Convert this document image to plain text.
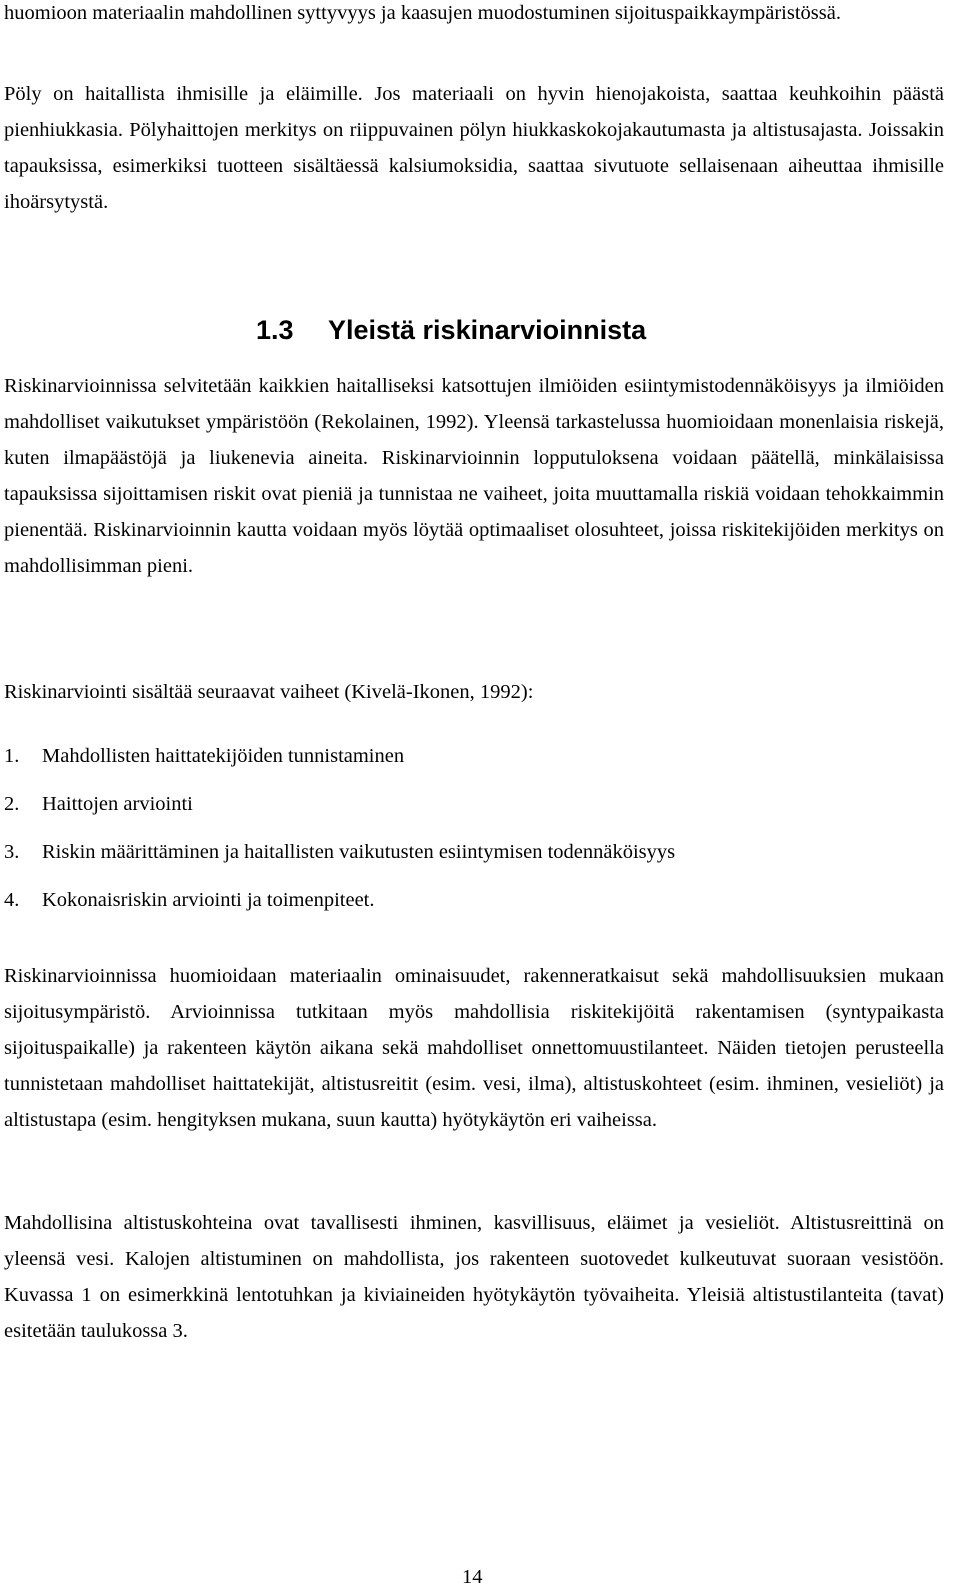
huomioon materiaalin mahdollinen syttyvyys ja kaasujen muodostuminen sijoituspaikkaympäristössä.

Pöly on haitallista ihmisille ja eläimille. Jos materiaali on hyvin hienojakoista, saattaa keuhkoihin päästä pienhiukkasia. Pölyhaittojen merkitys on riippuvainen pölyn hiukkaskokojakautumasta ja altistusajasta. Joissakin tapauksissa, esimerkiksi tuotteen sisältäessä kalsiumoksidia, saattaa sivutuote sellaisenaan aiheuttaa ihmisille ihoärsytystä.

1.3 Yleistä riskinarvioinnista

Riskinarvioinnissa selvitetään kaikkien haitalliseksi katsottujen ilmiöiden esiintymistodennäköisyys ja ilmiöiden mahdolliset vaikutukset ympäristöön (Rekolainen, 1992). Yleensä tarkastelussa huomioidaan monenlaisia riskejä, kuten ilmapäästöjä ja liukenevia aineita. Riskinarvioinnin lopputuloksena voidaan päätellä, minkälaisissa tapauksissa sijoittamisen riskit ovat pieniä ja tunnistaa ne vaiheet, joita muuttamalla riskiä voidaan tehokkaimmin pienentää. Riskinarvioinnin kautta voidaan myös löytää optimaaliset olosuhteet, joissa riskitekijöiden merkitys on mahdollisimman pieni.

Riskinarviointi sisältää seuraavat vaiheet (Kivelä-Ikonen, 1992):

1. Mahdollisten haittatekijöiden tunnistaminen
2. Haittojen arviointi
3. Riskin määrittäminen ja haitallisten vaikutusten esiintymisen todennäköisyys
4. Kokonaisriskin arviointi ja toimenpiteet.

Riskinarvioinnissa huomioidaan materiaalin ominaisuudet, rakenneratkaisut sekä mahdollisuuksien mukaan sijoitusympäristö. Arvioinnissa tutkitaan myös mahdollisia riskitekijöitä rakentamisen (syntypaikasta sijoituspaikalle) ja rakenteen käytön aikana sekä mahdolliset onnettomuustilanteet. Näiden tietojen perusteella tunnistetaan mahdolliset haittatekijät, altistusreitit (esim. vesi, ilma), altistuskohteet (esim. ihminen, vesieliöt) ja altistustapa (esim. hengityksen mukana, suun kautta) hyötykäytön eri vaiheissa.

Mahdollisina altistuskohteina ovat tavallisesti ihminen, kasvillisuus, eläimet ja vesieliöt. Altistusreittinä on yleensä vesi. Kalojen altistuminen on mahdollista, jos rakenteen suotovedet kulkeutuvat suoraan vesistöön. Kuvassa 1 on esimerkkinä lentotuhkan ja kiviaineiden hyötykäytön työvaiheita. Yleisiä altistustilanteita (tavat) esitetään taulukossa 3.

14
